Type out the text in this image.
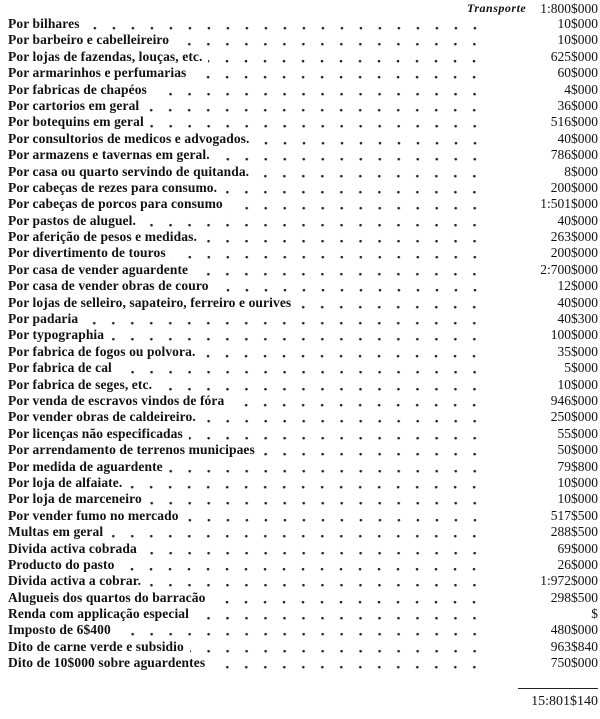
Transporte 1:800$000
Por bilhares	10$000
Por barbeiro e cabelleireiro	10$000
Por lojas de fazendas, louças, etc.	625$000
Por armarinhos e perfumarias	60$000
Por fabricas de chapéos	4$000
Por cartorios em geral	36$000
Por botequins em geral	516$000
Por consultorios de medicos e advogados.	40$000
Por armazens e tavernas em geral.	786$000
Por casa ou quarto servindo de quitanda.	8$000
Por cabeças de rezes para consumo.	200$000
Por cabeças de porcos para consumo	1:501$000
Por pastos de aluguel.	40$000
Por aferição de pesos e medidas.	263$000
Por divertimento de touros	200$000
Por casa de vender aguardente	2:700$000
Por casa de vender obras de couro	12$000
Por lojas de selleiro, sapateiro, ferreiro e ourives	40$000
Por padaria	40$300
Por typographia	100$000
Por fabrica de fogos ou polvora.	35$000
Por fabrica de cal	5$000
Por fabrica de seges, etc.	10$000
Por venda de escravos vindos de fóra	946$000
Por vender obras de caldeireiro.	250$000
Por licenças não especificadas	55$000
Por arrendamento de terrenos municipaes	50$000
Por medida de aguardente	79$800
Por loja de alfaiate.	10$000
Por loja de marceneiro	10$000
Por vender fumo no mercado	517$500
Multas em geral	288$500
Divida activa cobrada	69$000
Producto do pasto	26$000
Divida activa a cobrar.	1:972$000
Alugueis dos quartos do barracão	298$500
Renda com applicação especial	$
Imposto de 6$400	480$000
Dito de carne verde e subsidio	963$840
Dito de 10$000 sobre aguardentes	750$000
15:801$140
